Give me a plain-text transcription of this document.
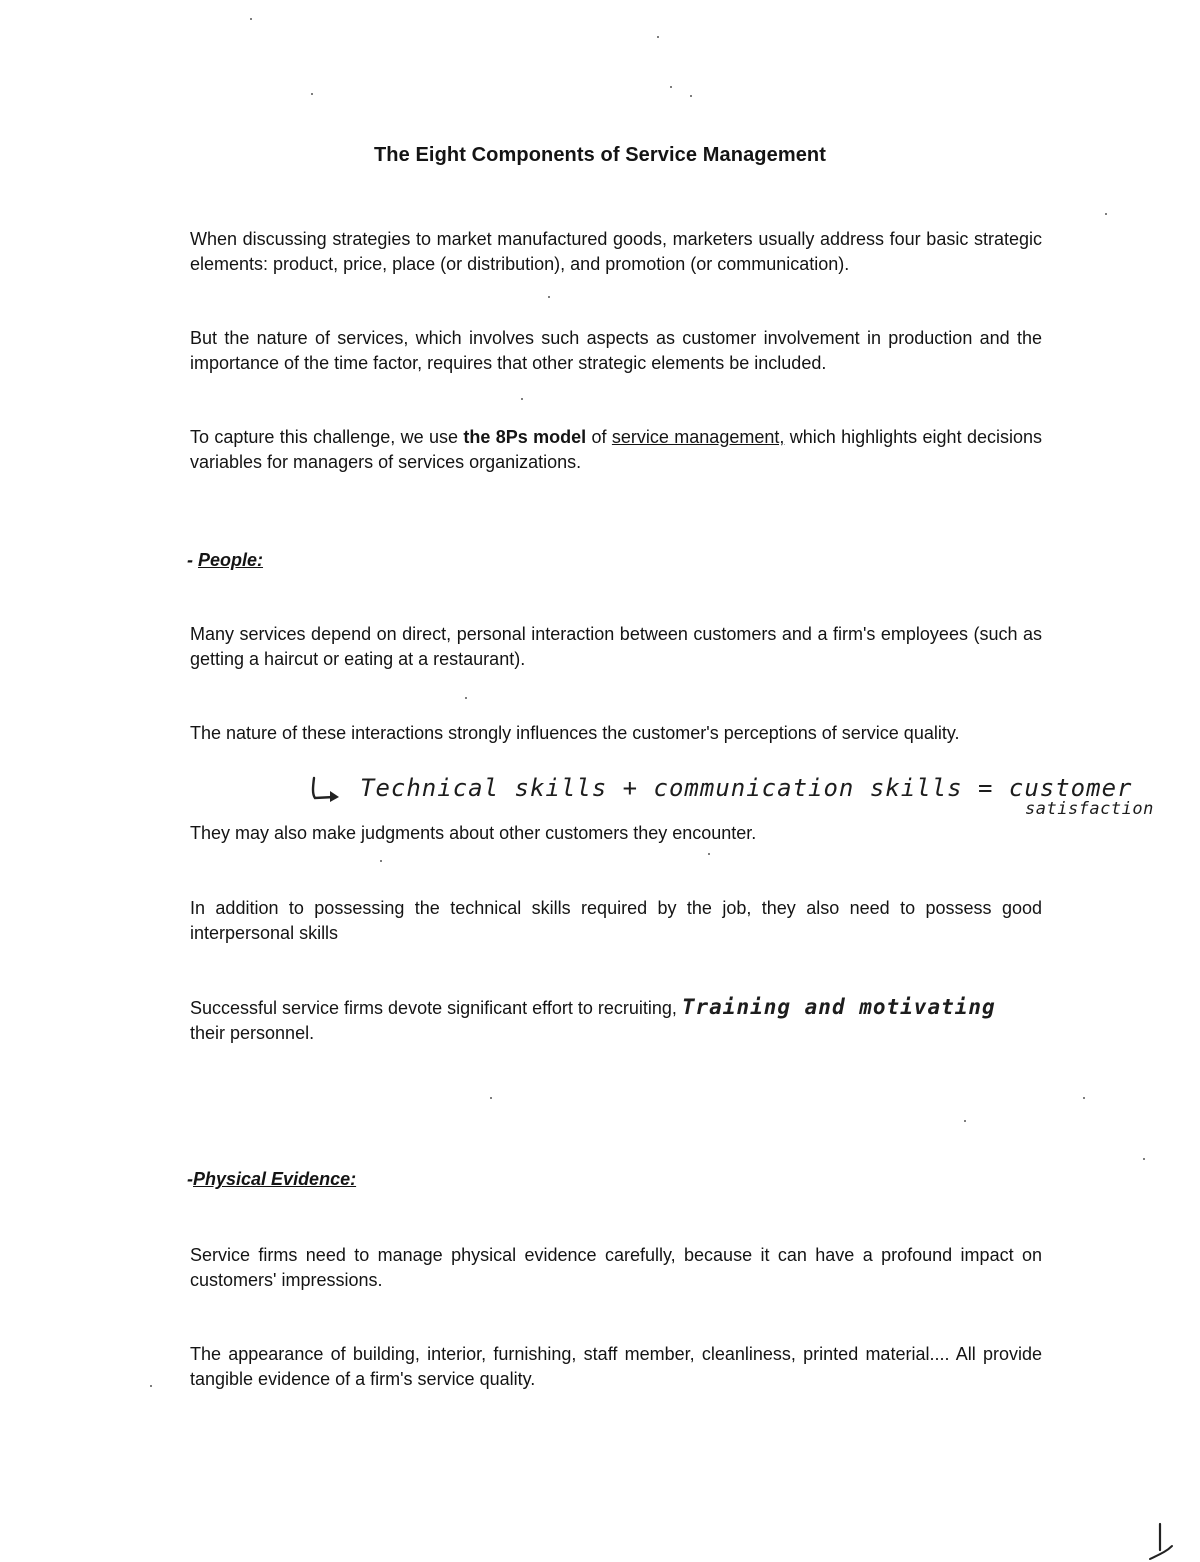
The Eight Components of Service Management

When discussing strategies to market manufactured goods, marketers usually address four basic strategic elements: product, price, place (or distribution), and promotion (or communication).

But the nature of services, which involves such aspects as customer involvement in production and the importance of the time factor, requires that other strategic elements be included.

To capture this challenge, we use the 8Ps model of service management, which highlights eight decisions variables for managers of services organizations.

- People:

Many services depend on direct, personal interaction between customers and a firm's employees (such as getting a haircut or eating at a restaurant).

The nature of these interactions strongly influences the customer's perceptions of service quality.

Technical skills + communication skills = customer
satisfaction

They may also make judgments about other customers they encounter.

In addition to possessing the technical skills required by the job, they also need to possess good interpersonal skills

Successful service firms devote significant effort to recruiting, Training and motivating
their personnel.

-Physical Evidence:

Service firms need to manage physical evidence carefully, because it can have a profound impact on customers' impressions.

The appearance of building, interior, furnishing, staff member, cleanliness, printed material.... All provide tangible evidence of a firm's service quality.
